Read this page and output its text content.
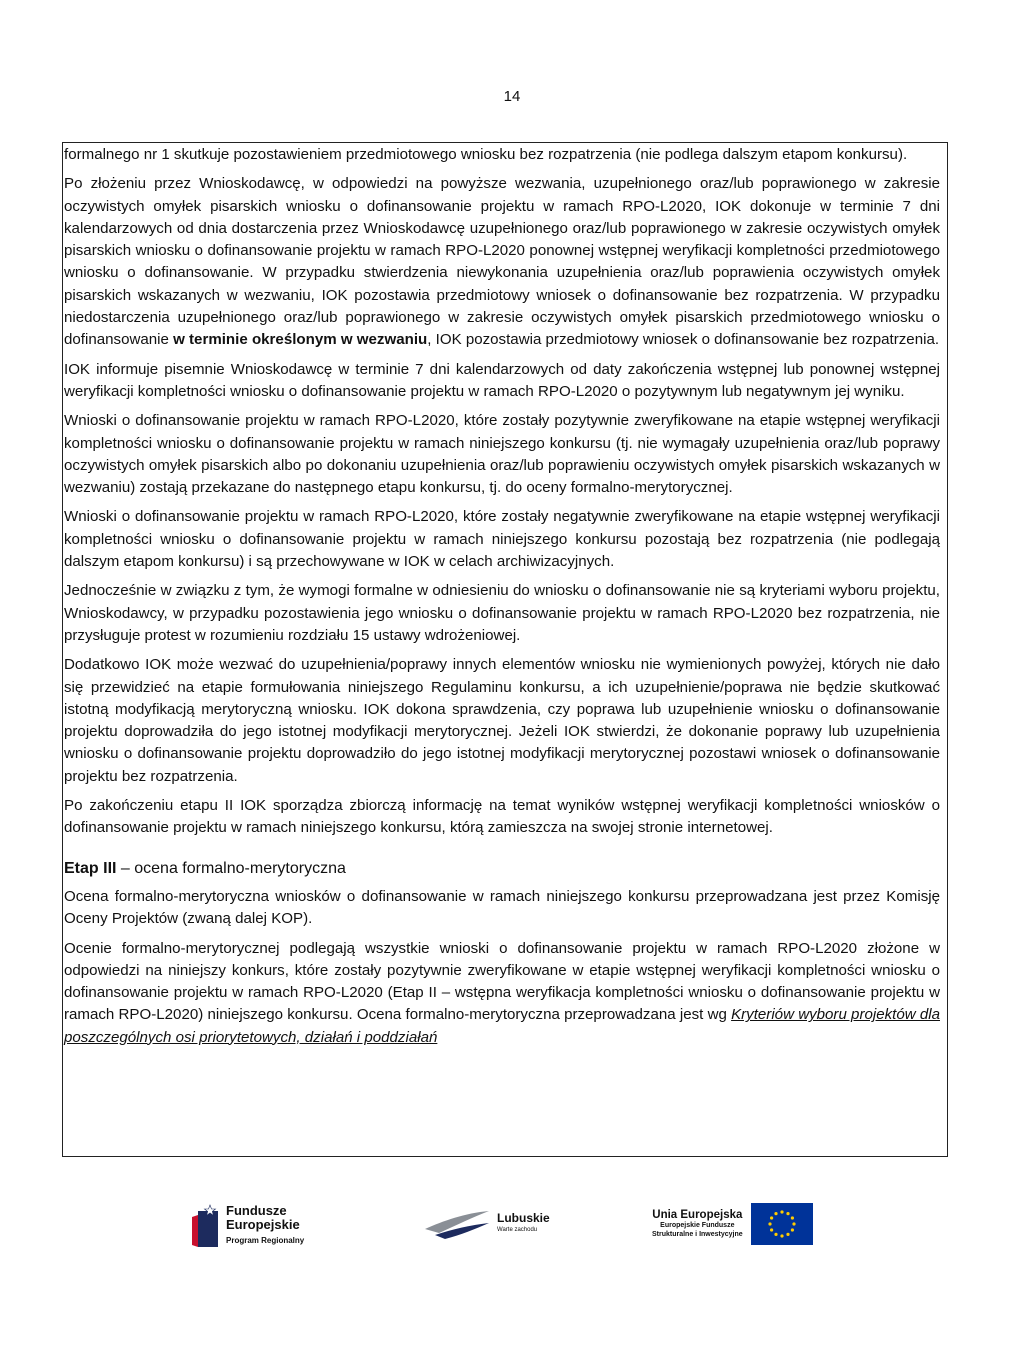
14

formalnego nr 1 skutkuje pozostawieniem przedmiotowego wniosku bez rozpatrzenia (nie podlega dalszym etapom konkursu).

Po złożeniu przez Wnioskodawcę, w odpowiedzi na powyższe wezwania, uzupełnionego oraz/lub poprawionego w zakresie oczywistych omyłek pisarskich wniosku o dofinansowanie projektu w ramach RPO-L2020, IOK dokonuje w terminie 7 dni kalendarzowych od dnia dostarczenia przez Wnioskodawcę uzupełnionego oraz/lub poprawionego w zakresie oczywistych omyłek pisarskich wniosku o dofinansowanie projektu w ramach RPO-L2020 ponownej wstępnej weryfikacji kompletności przedmiotowego wniosku o dofinansowanie. W przypadku stwierdzenia niewykonania uzupełnienia oraz/lub poprawienia oczywistych omyłek pisarskich wskazanych w wezwaniu, IOK pozostawia przedmiotowy wniosek o dofinansowanie bez rozpatrzenia. W przypadku niedostarczenia uzupełnionego oraz/lub poprawionego w zakresie oczywistych omyłek pisarskich przedmiotowego wniosku o dofinansowanie w terminie określonym w wezwaniu, IOK pozostawia przedmiotowy wniosek o dofinansowanie bez rozpatrzenia.

IOK informuje pisemnie Wnioskodawcę w terminie 7 dni kalendarzowych od daty zakończenia wstępnej lub ponownej wstępnej weryfikacji kompletności wniosku o dofinansowanie projektu w ramach RPO-L2020 o pozytywnym lub negatywnym jej wyniku.

Wnioski o dofinansowanie projektu w ramach RPO-L2020, które zostały pozytywnie zweryfikowane na etapie wstępnej weryfikacji kompletności wniosku o dofinansowanie projektu w ramach niniejszego konkursu (tj. nie wymagały uzupełnienia oraz/lub poprawy oczywistych omyłek pisarskich albo po dokonaniu uzupełnienia oraz/lub poprawieniu oczywistych omyłek pisarskich wskazanych w wezwaniu) zostają przekazane do następnego etapu konkursu, tj. do oceny formalno-merytorycznej.

Wnioski o dofinansowanie projektu w ramach RPO-L2020, które zostały negatywnie zweryfikowane na etapie wstępnej weryfikacji kompletności wniosku o dofinansowanie projektu w ramach niniejszego konkursu pozostają bez rozpatrzenia (nie podlegają dalszym etapom konkursu) i są przechowywane w IOK w celach archiwizacyjnych.

Jednocześnie w związku z tym, że wymogi formalne w odniesieniu do wniosku o dofinansowanie nie są kryteriami wyboru projektu, Wnioskodawcy, w przypadku pozostawienia jego wniosku o dofinansowanie projektu w ramach RPO-L2020 bez rozpatrzenia, nie przysługuje protest w rozumieniu rozdziału 15 ustawy wdrożeniowej.

Dodatkowo IOK może wezwać do uzupełnienia/poprawy innych elementów wniosku nie wymienionych powyżej, których nie dało się przewidzieć na etapie formułowania niniejszego Regulaminu konkursu, a ich uzupełnienie/poprawa nie będzie skutkować istotną modyfikacją merytoryczną wniosku. IOK dokona sprawdzenia, czy poprawa lub uzupełnienie wniosku o dofinansowanie projektu doprowadziła do jego istotnej modyfikacji merytorycznej. Jeżeli IOK stwierdzi, że dokonanie poprawy lub uzupełnienia wniosku o dofinansowanie projektu doprowadziło do jego istotnej modyfikacji merytorycznej pozostawi wniosek o dofinansowanie projektu bez rozpatrzenia.

Po zakończeniu etapu II IOK sporządza zbiorczą informację na temat wyników wstępnej weryfikacji kompletności wniosków o dofinansowanie projektu w ramach niniejszego konkursu, którą zamieszcza na swojej stronie internetowej.

Etap III – ocena formalno-merytoryczna

Ocena formalno-merytoryczna wniosków o dofinansowanie w ramach niniejszego konkursu przeprowadzana jest przez Komisję Oceny Projektów (zwaną dalej KOP).

Ocenie formalno-merytorycznej podlegają wszystkie wnioski o dofinansowanie projektu w ramach RPO-L2020 złożone w odpowiedzi na niniejszy konkurs, które zostały pozytywnie zweryfikowane w etapie wstępnej weryfikacji kompletności wniosku o dofinansowanie projektu w ramach RPO-L2020 (Etap II – wstępna weryfikacja kompletności wniosku o dofinansowanie projektu w ramach RPO-L2020) niniejszego konkursu. Ocena formalno-merytoryczna przeprowadzana jest wg Kryteriów wyboru projektów dla poszczególnych osi priorytetowych, działań i poddziałań

Fundusze
Europejskie
Program Regionalny
Lubuskie
Warte zachodu
Unia Europejska
Europejskie Fundusze
Strukturalne i Inwestycyjne
